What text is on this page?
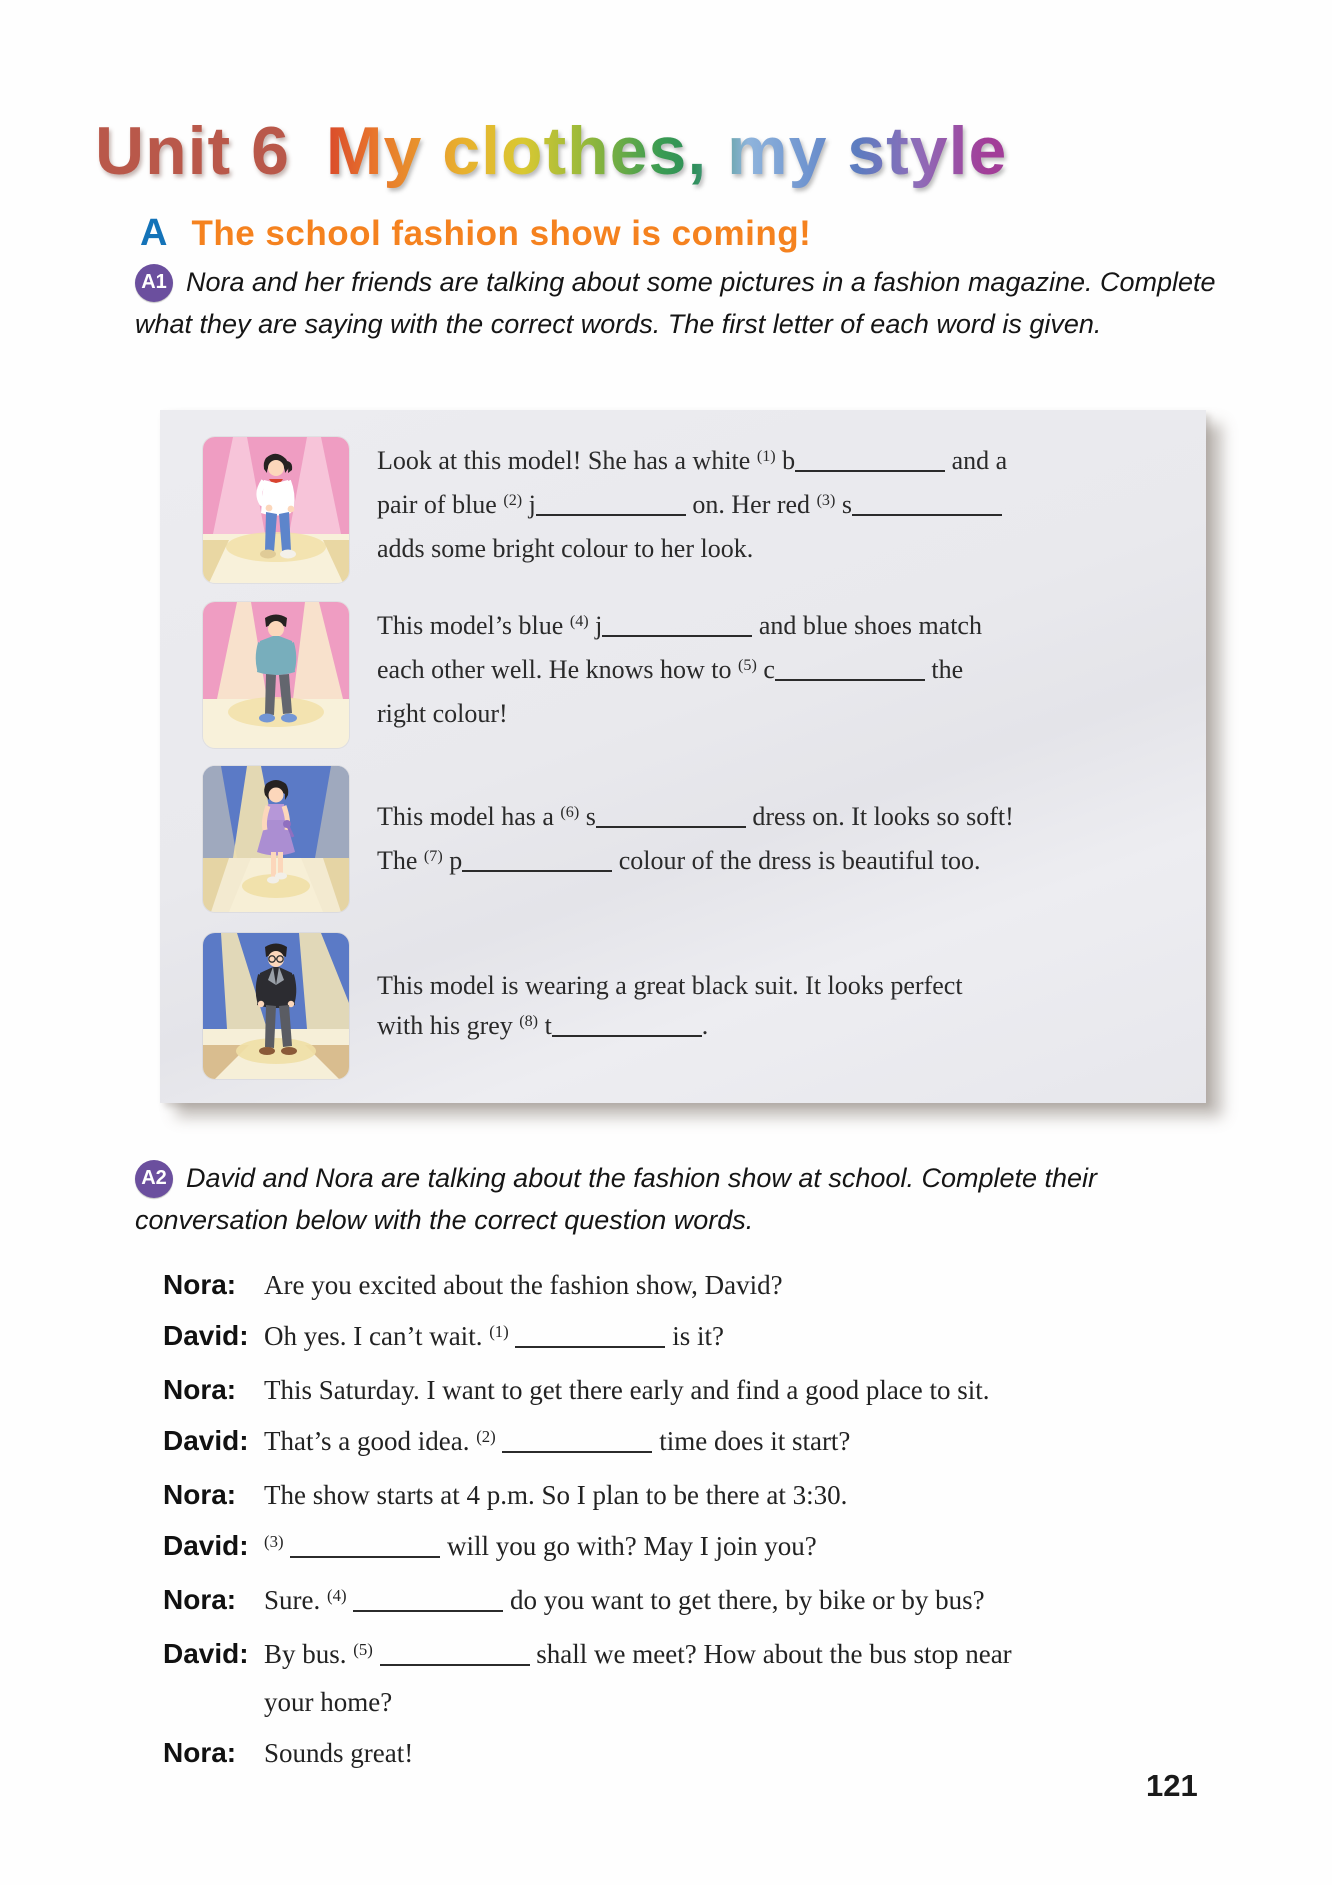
Unit 6 My clothes, my style
A The school fashion show is coming!
A1 Nora and her friends are talking about some pictures in a fashion magazine. Complete
what they are saying with the correct words. The first letter of each word is given.
Look at this model! She has a white $^{(1)}$ b	and a
pair of blue $^{(2)}$ j	on. Her red $^{(3)}$ s
adds some bright colour to her look.
This model’s blue $^{(4)}$ j	and blue shoes match
each other well. He knows how to $^{(5)}$ c	the
right colour!
This model has a $^{(6)}$ s	dress on. It looks so soft!
The $^{(7)}$ p	colour of the dress is beautiful too.
This model is wearing a great black suit. It looks perfect
with his grey $^{(8)}$ t	.
A2 David and Nora are talking about the fashion show at school. Complete their
conversation below with the correct question words.
Nora:	Are you excited about the fashion show, David?
David: Oh yes. I can’t wait. $^{(1)}$	is it?
Nora:	This Saturday. I want to get there early and find a good place to sit.
David: That’s a good idea. $^{(2)}$	time does it start?
Nora:	The show starts at 4 p.m. So I plan to be there at 3:30.
David: $^{(3)}$	will you go with? May I join you?
Nora:	Sure. $^{(4)}$	do you want to get there, by bike or by bus?
David: By bus. $^{(5)}$	shall we meet? How about the bus stop near
your home?
Nora:	Sounds great!
121
